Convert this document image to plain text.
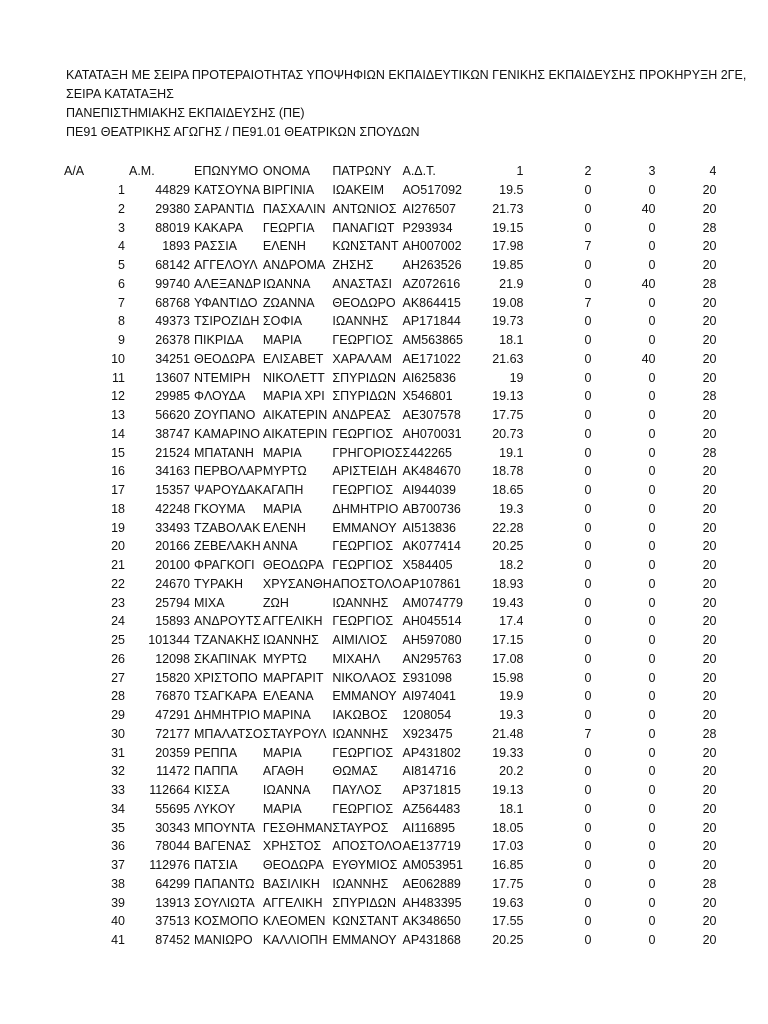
ΚΑΤΑΤΑΞΗ ΜΕ ΣΕΙΡΑ ΠΡΟΤΕΡΑΙΟΤΗΤΑΣ ΥΠΟΨΗΦΙΩΝ ΕΚΠΑΙΔΕΥΤΙΚΩΝ ΓΕΝΙΚΗΣ ΕΚΠΑΙΔΕΥΣΗΣ ΠΡΟΚΗΡΥΞΗ 2ΓΕ,
ΣΕΙΡΑ ΚΑΤΑΤΑΞΗΣ
ΠΑΝΕΠΙΣΤΗΜΙΑΚΗΣ ΕΚΠΑΙΔΕΥΣΗΣ (ΠΕ)
ΠΕ91 ΘΕΑΤΡΙΚΗΣ ΑΓΩΓΗΣ / ΠΕ91.01 ΘΕΑΤΡΙΚΩΝ ΣΠΟΥΔΩΝ
Α/Α	Α.Μ.	ΕΠΩΝΥΜΟ	ΟΝΟΜΑ	ΠΑΤΡΩΝΥ	Α.Δ.Τ.	1	2	3	4
1	44829	ΚΑΤΣΟΥΝΑ	ΒΙΡΓΙΝΙΑ	ΙΩΑΚΕΙΜ	ΑΟ517092	19.5	0	0	20
2	29380	ΣΑΡΑΝΤΙΔ	ΠΑΣΧΑΛΙΝ	ΑΝΤΩΝΙΟΣ	ΑΙ276507	21.73	0	40	20
3	88019	ΚΑΚΑΡΑ	ΓΕΩΡΓΙΑ	ΠΑΝΑΓΙΩΤ	Ρ293934	19.15	0	0	28
4	1893	ΡΑΣΣΙΑ	ΕΛΕΝΗ	ΚΩΝΣΤΑΝΤ	ΑΗ007002	17.98	7	0	20
5	68142	ΑΓΓΕΛΟΥΛ	ΑΝΔΡΟΜΑ	ΖΗΣΗΣ	ΑΗ263526	19.85	0	0	20
6	99740	ΑΛΕΞΑΝΔΡ	ΙΩΑΝΝΑ	ΑΝΑΣΤΑΣΙ	ΑΖ072616	21.9	0	40	28
7	68768	ΥΦΑΝΤΙΔΟ	ΖΩΑΝΝΑ	ΘΕΟΔΩΡΟ	ΑΚ864415	19.08	7	0	20
8	49373	ΤΣΙΡΟΖΙΔΗ	ΣΟΦΙΑ	ΙΩΑΝΝΗΣ	ΑΡ171844	19.73	0	0	20
9	26378	ΠΙΚΡΙΔΑ	ΜΑΡΙΑ	ΓΕΩΡΓΙΟΣ	ΑΜ563865	18.1	0	0	20
10	34251	ΘΕΟΔΩΡΑ	ΕΛΙΣΑΒΕΤ	ΧΑΡΑΛΑΜ	ΑΕ171022	21.63	0	40	20
11	13607	ΝΤΕΜΙΡΗ	ΝΙΚΟΛΕΤΤ	ΣΠΥΡΙΔΩΝ	ΑΙ625836	19	0	0	20
12	29985	ΦΛΟΥΔΑ	ΜΑΡΙΑ ΧΡΙ	ΣΠΥΡΙΔΩΝ	Χ546801	19.13	0	0	28
13	56620	ΖΟΥΠΑΝΟ	ΑΙΚΑΤΕΡΙΝ	ΑΝΔΡΕΑΣ	ΑΕ307578	17.75	0	0	20
14	38747	ΚΑΜΑΡΙΝΟ	ΑΙΚΑΤΕΡΙΝ	ΓΕΩΡΓΙΟΣ	ΑΗ070031	20.73	0	0	20
15	21524	ΜΠΑΤΑΝΗ	ΜΑΡΙΑ	ΓΡΗΓΟΡΙΟΣ	Σ442265	19.1	0	0	28
16	34163	ΠΕΡΒΟΛΑΡ	ΜΥΡΤΩ	ΑΡΙΣΤΕΙΔΗ	ΑΚ484670	18.78	0	0	20
17	15357	ΨΑΡΟΥΔΑΚ	ΑΓΑΠΗ	ΓΕΩΡΓΙΟΣ	ΑΙ944039	18.65	0	0	20
18	42248	ΓΚΟΥΜΑ	ΜΑΡΙΑ	ΔΗΜΗΤΡΙΟ	ΑΒ700736	19.3	0	0	20
19	33493	ΤΖΑΒΟΛΑΚ	ΕΛΕΝΗ	ΕΜΜΑΝΟΥ	ΑΙ513836	22.28	0	0	20
20	20166	ΖΕΒΕΛΑΚΗ	ΑΝΝΑ	ΓΕΩΡΓΙΟΣ	ΑΚ077414	20.25	0	0	20
21	20100	ΦΡΑΓΚΟΓΙ	ΘΕΟΔΩΡΑ	ΓΕΩΡΓΙΟΣ	Χ584405	18.2	0	0	20
22	24670	ΤΥΡΑΚΗ	ΧΡΥΣΑΝΘΗ	ΑΠΟΣΤΟΛΟ	ΑΡ107861	18.93	0	0	20
23	25794	ΜΙΧΑ	ΖΩΗ	ΙΩΑΝΝΗΣ	ΑΜ074779	19.43	0	0	20
24	15893	ΑΝΔΡΟΥΤΣ	ΑΓΓΕΛΙΚΗ	ΓΕΩΡΓΙΟΣ	ΑΗ045514	17.4	0	0	20
25	101344	ΤΖΑΝΑΚΗΣ	ΙΩΑΝΝΗΣ	ΑΙΜΙΛΙΟΣ	ΑΗ597080	17.15	0	0	20
26	12098	ΣΚΑΠΙΝΑΚ	ΜΥΡΤΩ	ΜΙΧΑΗΛ	ΑΝ295763	17.08	0	0	20
27	15820	ΧΡΙΣΤΟΠΟ	ΜΑΡΓΑΡΙΤ	ΝΙΚΟΛΑΟΣ	Σ931098	15.98	0	0	20
28	76870	ΤΣΑΓΚΑΡΑ	ΕΛΕΑΝΑ	ΕΜΜΑΝΟΥ	ΑΙ974041	19.9	0	0	20
29	47291	ΔΗΜΗΤΡΙΟ	ΜΑΡΙΝΑ	ΙΑΚΩΒΟΣ	1208054	19.3	0	0	20
30	72177	ΜΠΑΛΑΤΣΟ	ΣΤΑΥΡΟΥΛ	ΙΩΑΝΝΗΣ	Χ923475	21.48	7	0	28
31	20359	ΡΕΠΠΑ	ΜΑΡΙΑ	ΓΕΩΡΓΙΟΣ	ΑΡ431802	19.33	0	0	20
32	11472	ΠΑΠΠΑ	ΑΓΑΘΗ	ΘΩΜΑΣ	ΑΙ814716	20.2	0	0	20
33	112664	ΚΙΣΣΑ	ΙΩΑΝΝΑ	ΠΑΥΛΟΣ	ΑΡ371815	19.13	0	0	20
34	55695	ΛΥΚΟΥ	ΜΑΡΙΑ	ΓΕΩΡΓΙΟΣ	ΑΖ564483	18.1	0	0	20
35	30343	ΜΠΟΥΝΤΑ	ΓΕΣΘΗΜΑΝ	ΣΤΑΥΡΟΣ	ΑΙ116895	18.05	0	0	20
36	78044	ΒΑΓΕΝΑΣ	ΧΡΗΣΤΟΣ	ΑΠΟΣΤΟΛΟ	ΑΕ137719	17.03	0	0	20
37	112976	ΠΑΤΣΙΑ	ΘΕΟΔΩΡΑ	ΕΥΘΥΜΙΟΣ	ΑΜ053951	16.85	0	0	20
38	64299	ΠΑΠΑΝΤΩ	ΒΑΣΙΛΙΚΗ	ΙΩΑΝΝΗΣ	ΑΕ062889	17.75	0	0	28
39	13913	ΣΟΥΛΙΩΤΑ	ΑΓΓΕΛΙΚΗ	ΣΠΥΡΙΔΩΝ	ΑΗ483395	19.63	0	0	20
40	37513	ΚΟΣΜΟΠΟ	ΚΛΕΟΜΕΝ	ΚΩΝΣΤΑΝΤ	ΑΚ348650	17.55	0	0	20
41	87452	ΜΑΝΙΩΡΟ	ΚΑΛΛΙΟΠΗ	ΕΜΜΑΝΟΥ	ΑΡ431868	20.25	0	0	20
